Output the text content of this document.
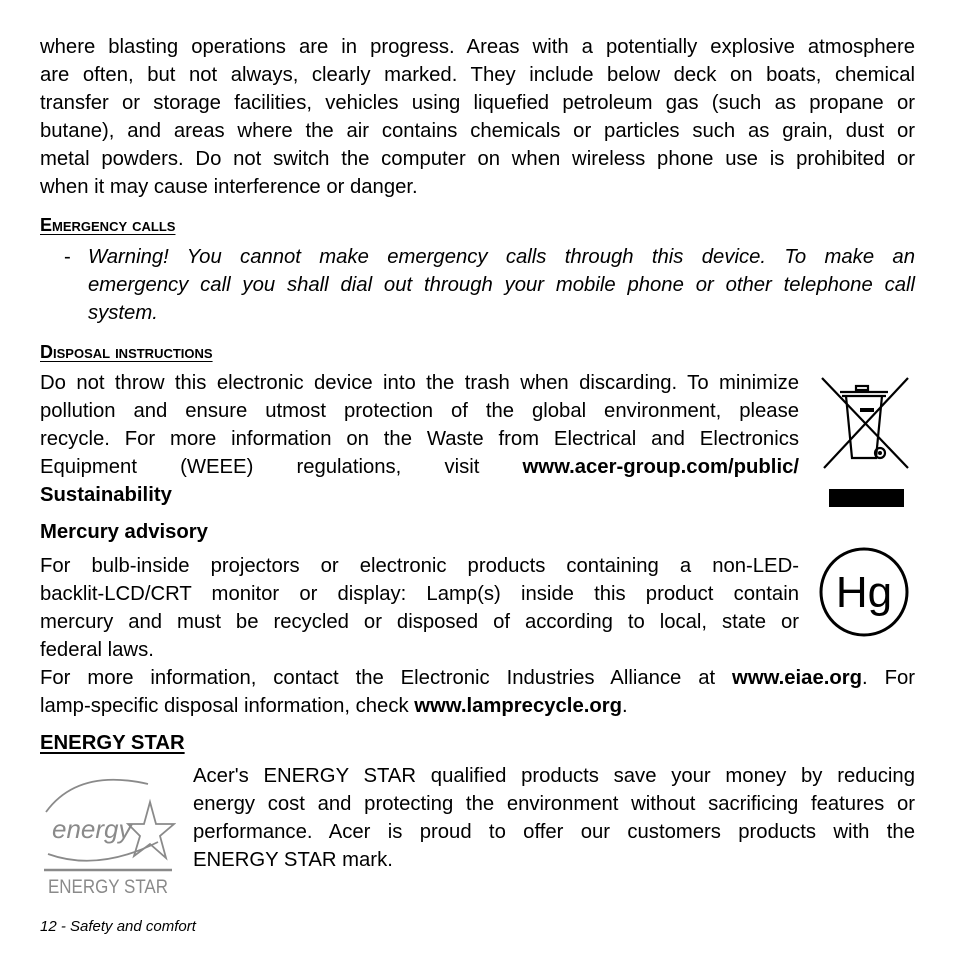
where blasting operations are in progress. Areas with a potentially explosive atmosphere
are often, but not always, clearly marked. They include below deck on boats, chemical
transfer or storage facilities, vehicles using liquefied petroleum gas (such as propane or
butane), and areas where the air contains chemicals or particles such as grain, dust or
metal powders. Do not switch the computer on when wireless phone use is prohibited or
when it may cause interference or danger.
Emergency calls
- Warning! You cannot make emergency calls through this device. To make an
emergency call you shall dial out through your mobile phone or other telephone call
system.
Disposal instructions
Do not throw this electronic device into the trash when discarding. To minimize
pollution and ensure utmost protection of the global environment, please
recycle. For more information on the Waste from Electrical and Electronics
Equipment (WEEE) regulations, visit www.acer-group.com/public/
Sustainability
Mercury advisory
For bulb-inside projectors or electronic products containing a non-LED-
backlit-LCD/CRT monitor or display: Lamp(s) inside this product contain
mercury and must be recycled or disposed of according to local, state or
federal laws.
For more information, contact the Electronic Industries Alliance at www.eiae.org. For
lamp-specific disposal information, check www.lamprecycle.org.
Hg
ENERGY STAR
Acer's ENERGY STAR qualified products save your money by reducing
energy cost and protecting the environment without sacrificing features or
performance. Acer is proud to offer our customers products with the
ENERGY STAR mark.
energy
ENERGY STAR
12 - Safety and comfort
